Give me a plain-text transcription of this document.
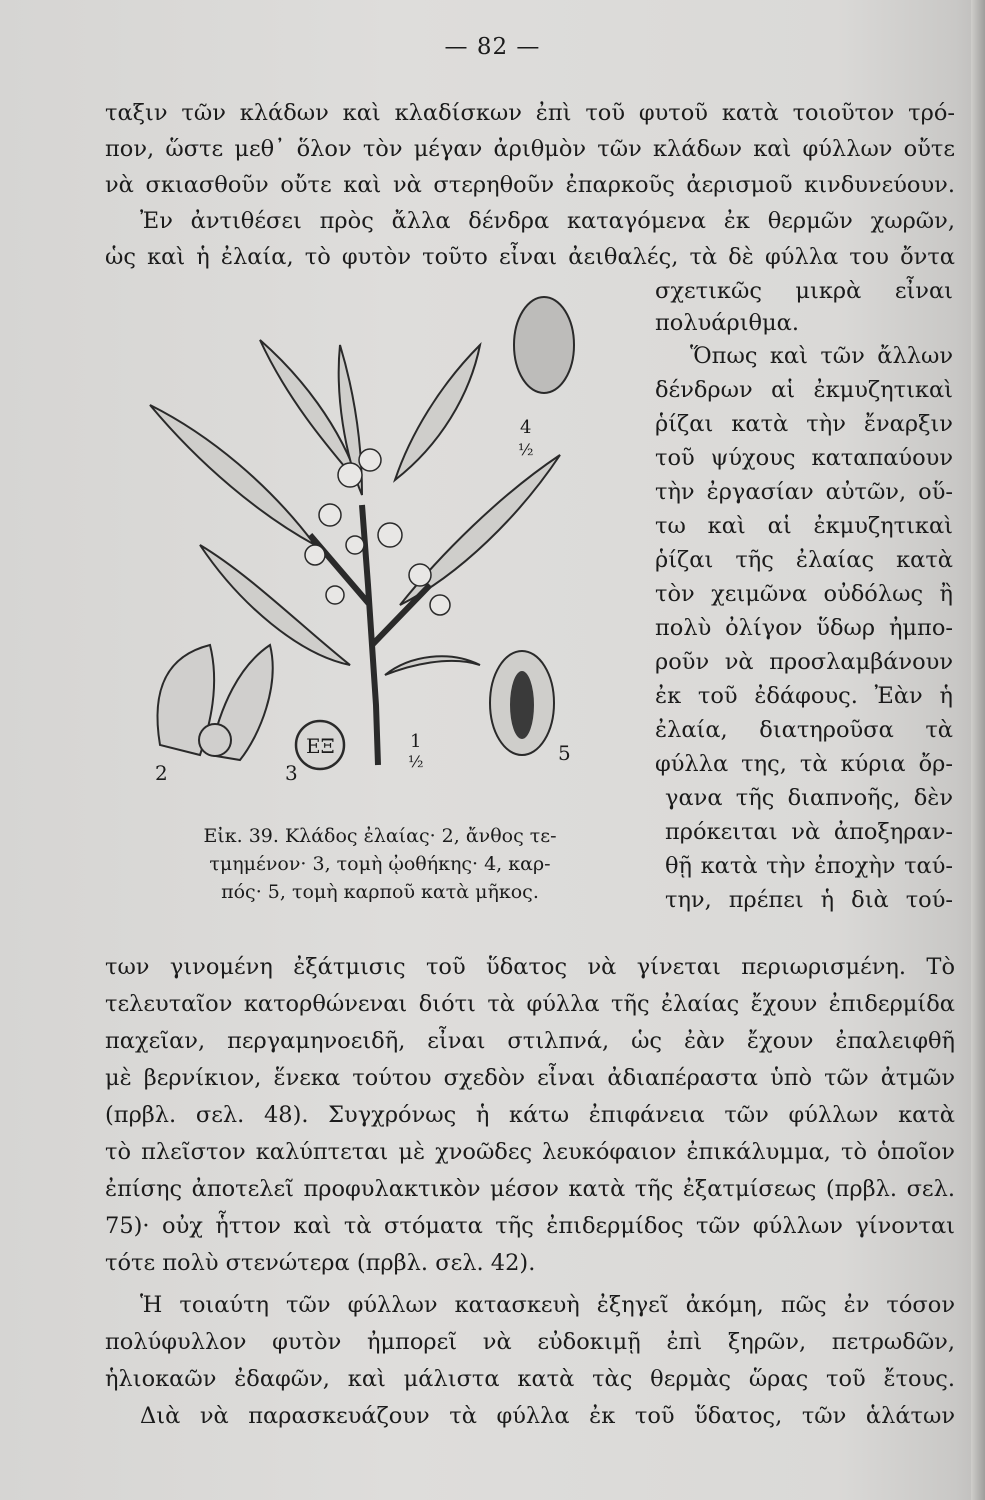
— 82 —
ταξιν τῶν κλάδων καὶ κλαδίσκων ἐπὶ τοῦ φυτοῦ κατὰ τοιοῦτον τρό-
πον, ὥστε μεθ᾽ ὅλον τὸν μέγαν ἀριθμὸν τῶν κλάδων καὶ φύλλων οὔτε
νὰ σκιασθοῦν οὔτε καὶ νὰ στερηθοῦν ἐπαρκοῦς ἀερισμοῦ κινδυνεύουν.
Ἐν ἀντιθέσει πρὸς ἄλλα δένδρα καταγόμενα ἐκ θερμῶν χωρῶν,
ὡς καὶ ἡ ἐλαία, τὸ φυτὸν τοῦτο εἶναι ἀειθαλές, τὰ δὲ φύλλα του ὄντα
σχετικῶς μικρὰ εἶναι
πολυάριθμα.
Ὅπως καὶ τῶν ἄλλων
δένδρων αἱ ἐκμυζητικαὶ
ῥίζαι κατὰ τὴν ἔναρξιν
τοῦ ψύχους καταπαύουν
τὴν ἐργασίαν αὐτῶν, οὕ-
τω καὶ αἱ ἐκμυζητικαὶ
ῥίζαι τῆς ἐλαίας κατὰ
τὸν χειμῶνα οὐδόλως ἢ
πολὺ ὀλίγον ὕδωρ ἠμπο-
ροῦν νὰ προσλαμβάνουν
ἐκ τοῦ ἐδάφους. Ἐὰν ἡ
ἐλαία, διατηροῦσα τὰ
φύλλα της, τὰ κύρια ὄρ-
γανα τῆς διαπνοῆς, δὲν
πρόκειται νὰ ἀποξηραν-
θῇ κατὰ τὴν ἐποχὴν ταύ-
την, πρέπει ἡ διὰ τού-
2	3
4
½
ΕΞ	1
½	5
Εἰκ. 39. Κλάδος ἐλαίας· 2, ἄνθος τε-
τμημένον· 3, τομὴ ᾠοθήκης· 4, καρ-
πός· 5, τομὴ καρποῦ κατὰ μῆκος.
των γινομένη ἐξάτμισις τοῦ ὕδατος νὰ γίνεται περιωρισμένη. Τὸ
τελευταῖον κατορθώνεναι διότι τὰ φύλλα τῆς ἐλαίας ἔχουν ἐπιδερμίδα
παχεῖαν, περγαμηνοειδῆ, εἶναι στιλπνά, ὡς ἐὰν ἔχουν ἐπαλειφθῆ
μὲ βερνίκιον, ἕνεκα τούτου σχεδὸν εἶναι ἀδιαπέραστα ὑπὸ τῶν ἀτμῶν
(πρβλ. σελ. 48). Συγχρόνως ἡ κάτω ἐπιφάνεια τῶν φύλλων κατὰ
τὸ πλεῖστον καλύπτεται μὲ χνοῶδες λευκόφαιον ἐπικάλυμμα, τὸ ὁποῖον
ἐπίσης ἀποτελεῖ προφυλακτικὸν μέσον κατὰ τῆς ἐξατμίσεως (πρβλ. σελ.
75)· οὐχ ἧττον καὶ τὰ στόματα τῆς ἐπιδερμίδος τῶν φύλλων γίνονται
τότε πολὺ στενώτερα (πρβλ. σελ. 42).
Ἡ τοιαύτη τῶν φύλλων κατασκευὴ ἐξηγεῖ ἀκόμη, πῶς ἐν τόσον
πολύφυλλον φυτὸν ἠμπορεῖ νὰ εὐδοκιμῇ ἐπὶ ξηρῶν, πετρωδῶν,
ἡλιοκαῶν ἐδαφῶν, καὶ μάλιστα κατὰ τὰς θερμὰς ὥρας τοῦ ἔτους.
Διὰ νὰ παρασκευάζουν τὰ φύλλα ἐκ τοῦ ὕδατος, τῶν ἁλάτων
